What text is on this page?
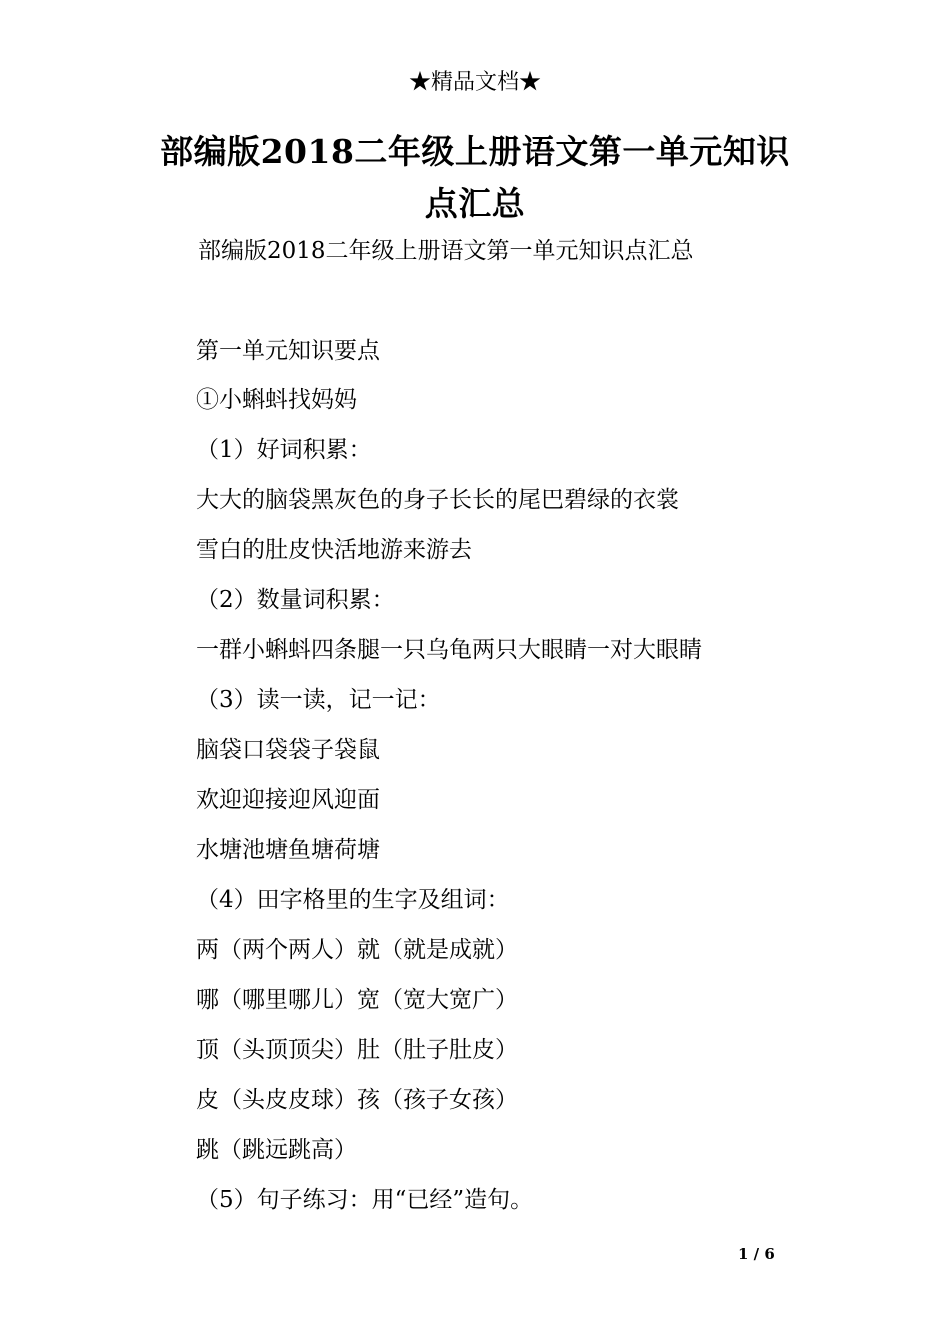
★精品文档★
部编版2018二年级上册语文第一单元知识点汇总
部编版2018二年级上册语文第一单元知识点汇总
第一单元知识要点
①小蝌蚪找妈妈
（1）好词积累：
大大的脑袋黑灰色的身子长长的尾巴碧绿的衣裳
雪白的肚皮快活地游来游去
（2）数量词积累：
一群小蝌蚪四条腿一只乌龟两只大眼睛一对大眼睛
（3）读一读，记一记：
脑袋口袋袋子袋鼠
欢迎迎接迎风迎面
水塘池塘鱼塘荷塘
（4）田字格里的生字及组词：
两（两个两人）就（就是成就）
哪（哪里哪儿）宽（宽大宽广）
顶（头顶顶尖）肚（肚子肚皮）
皮（头皮皮球）孩（孩子女孩）
跳（跳远跳高）
（5）句子练习：用“已经”造句。
1 / 6
